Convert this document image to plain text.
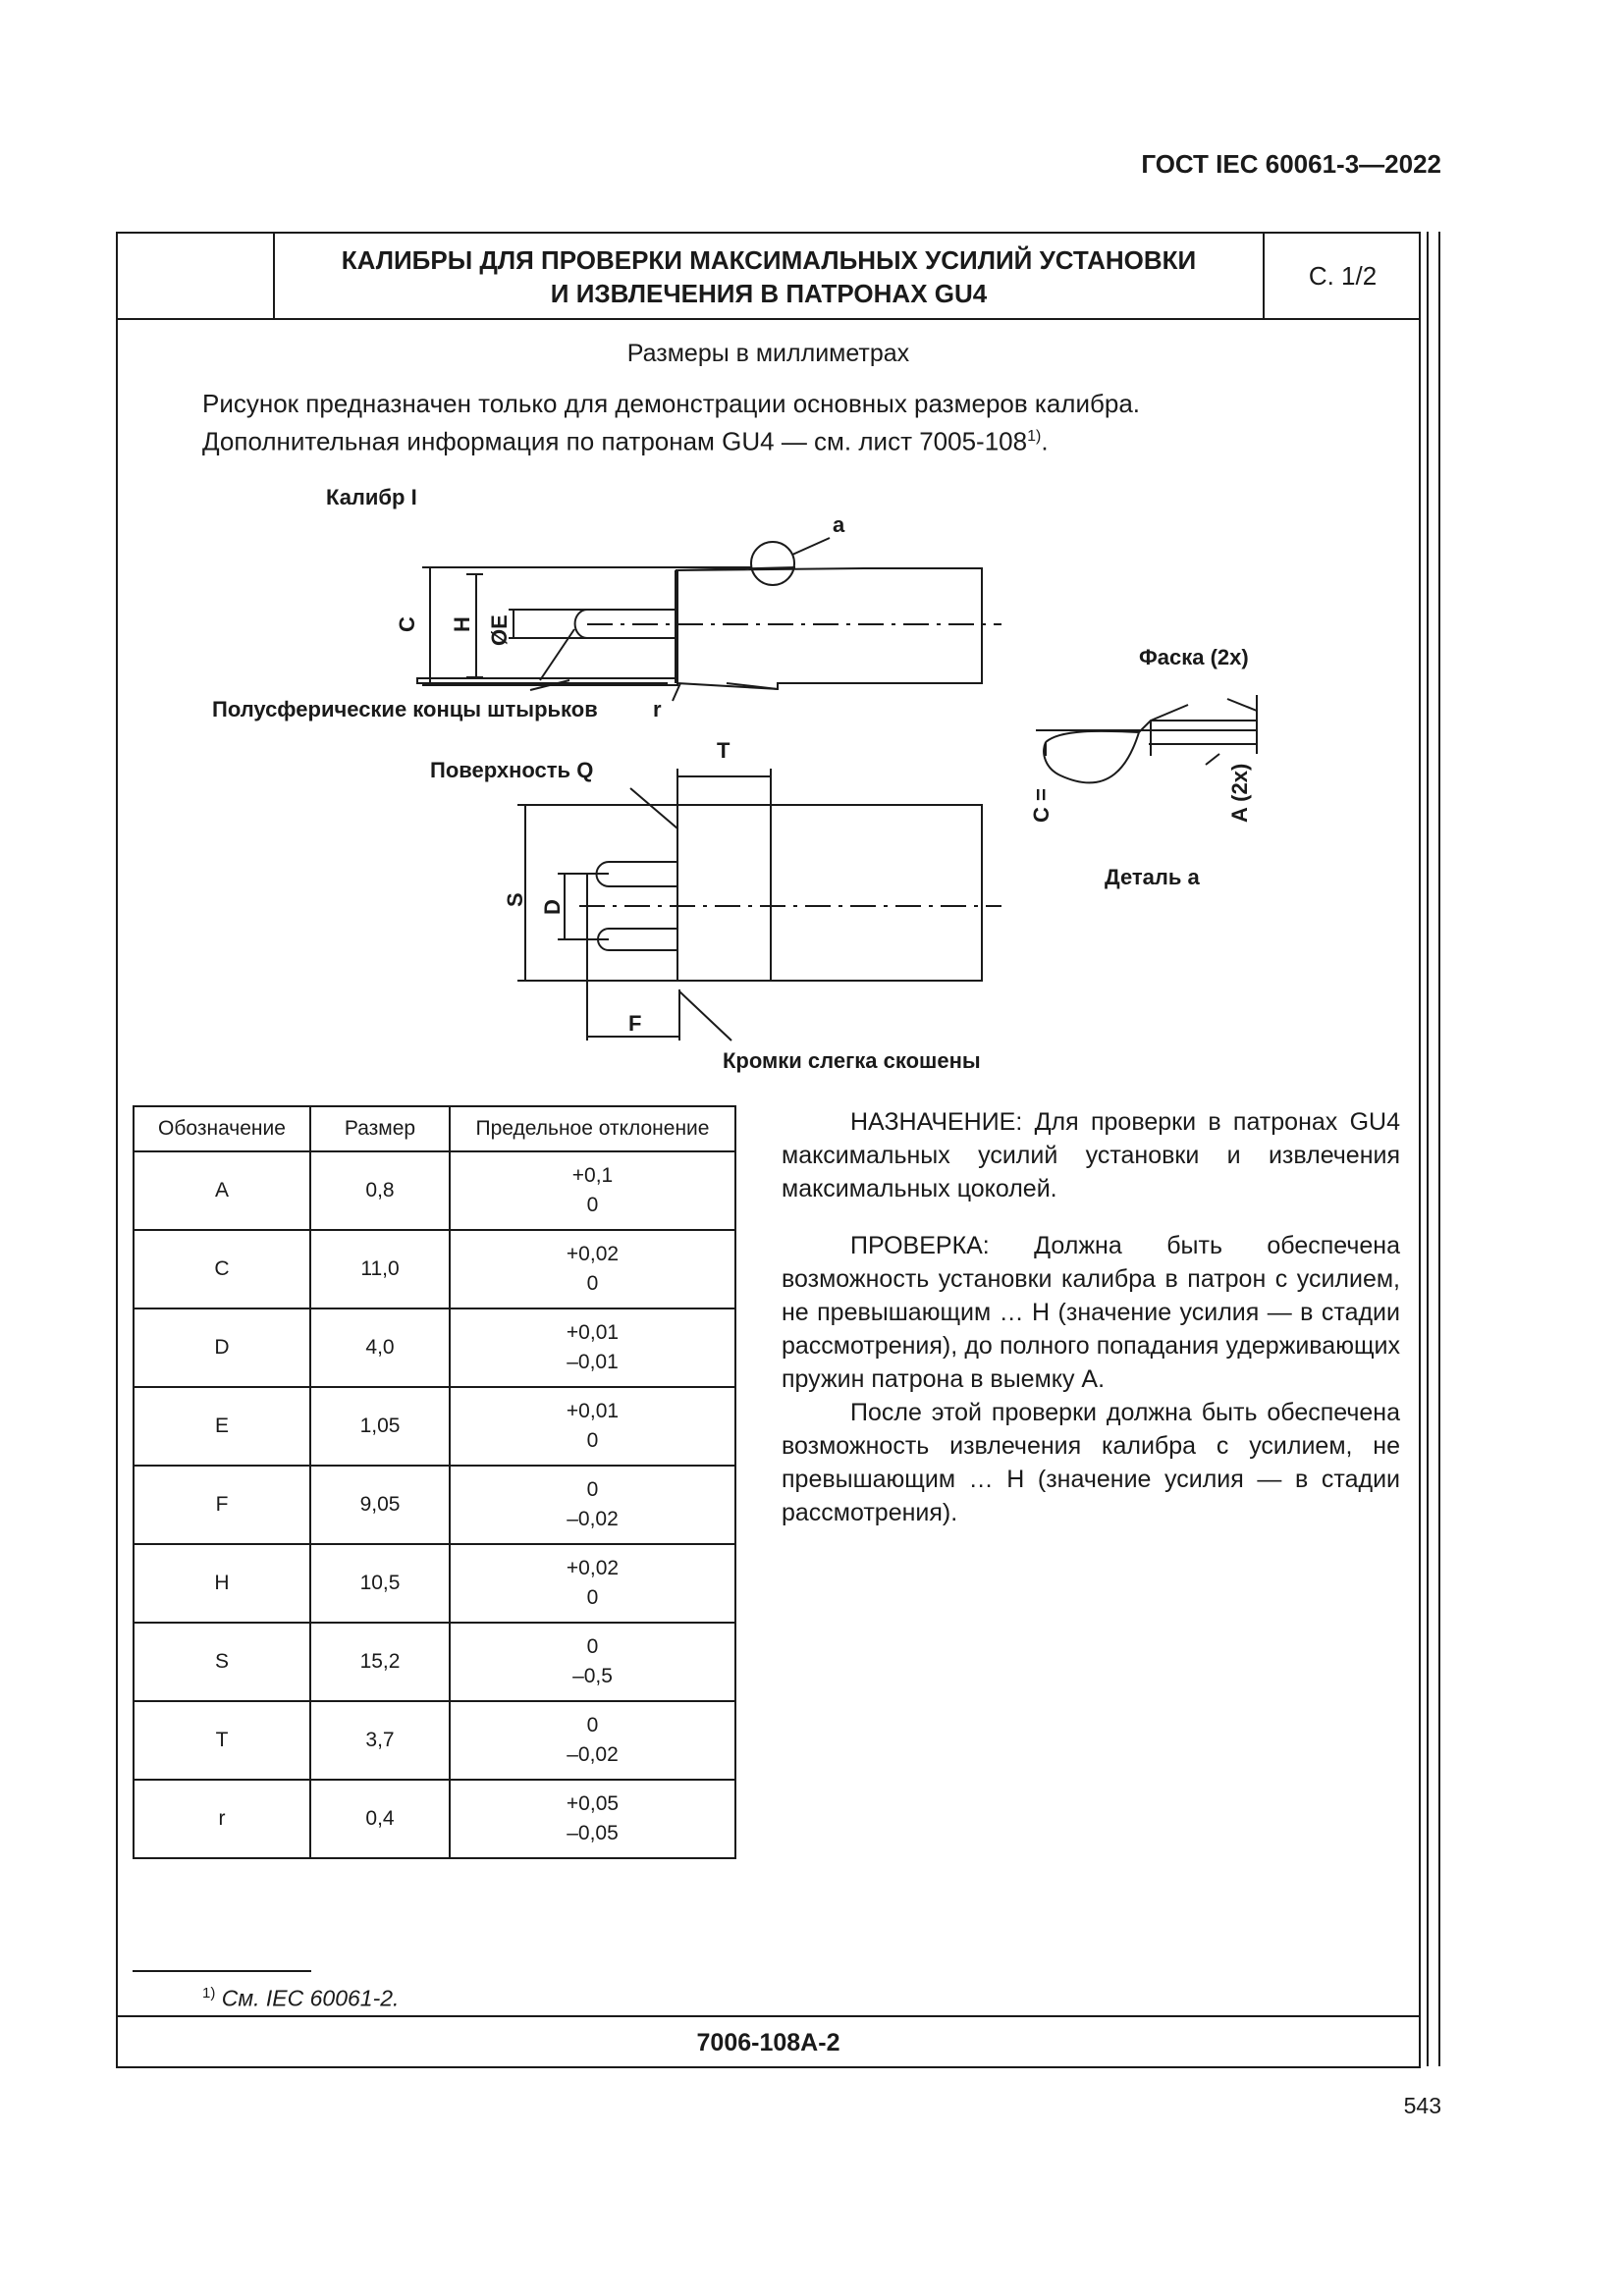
ГОСТ IEC 60061-3—2022
КАЛИБРЫ ДЛЯ ПРОВЕРКИ МАКСИМАЛЬНЫХ УСИЛИЙ УСТАНОВКИ
И ИЗВЛЕЧЕНИЯ В ПАТРОНАХ GU4
С. 1/2
Размеры в миллиметрах
Рисунок предназначен только для демонстрации основных размеров калибра.
Дополнительная информация по патронам GU4 — см. лист 7005-108$^{1)}$.
Калибр I
a
C H ØE
Полусферические концы штырьков	r
Фаска (2x)
C =	A (2x)
Деталь а
Поверхность Q
T
S D
F
Кромки слегка скошены
Обозначение	Размер	Предельное отклонение
A	0,8	+0,1
0

C	11,0	+0,02
0

D	4,0	+0,01
–0,01

E	1,05	+0,01
0

F	9,05	0
–0,02

H	10,5	+0,02
0

S	15,2	0
–0,5

T	3,7	0
–0,02

r	0,4	+0,05
–0,05

НАЗНАЧЕНИЕ: Для проверки в патронах GU4 максимальных усилий установки и извлечения максимальных цоколей.

ПРОВЕРКА: Должна быть обеспечена возможность установки калибра в патрон с усилием, не превышающим … Н (значение усилия — в стадии рассмотрения), до полного попадания удерживающих пружин патрона в выемку А.

После этой проверки должна быть обеспечена возможность извлечения калибра с усилием, не превышающим … Н (значение усилия — в стадии рассмотрения).

$^{1)}$ См. IEC 60061-2.
7006-108A-2
543
